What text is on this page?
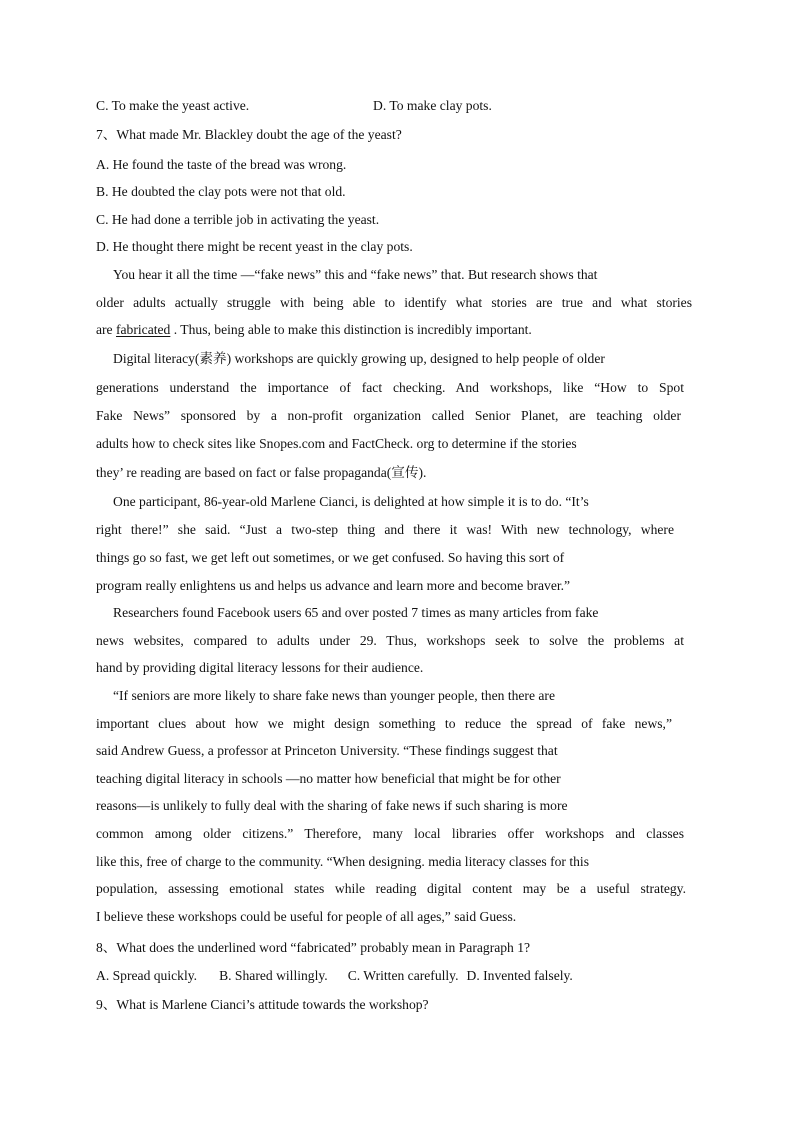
C. To make the yeast active.	D. To make clay pots.
7、What made Mr. Blackley doubt the age of the yeast?
A. He found the taste of the bread was wrong.
B. He doubted the clay pots were not that old.
C. He had done a terrible job in activating the yeast.
D. He thought there might be recent yeast in the clay pots.
You hear it all the time —“fake news” this and “fake news” that. But research shows that
older adults actually struggle with being able to identify what stories are true and what stories
are fabricated . Thus, being able to make this distinction is incredibly important.
Digital literacy(素养) workshops are quickly growing up, designed to help people of older
generations understand the importance of fact checking. And workshops, like “How to Spot
Fake News” sponsored by a non-profit organization called Senior Planet, are teaching older
adults how to check sites like Snopes.com and FactCheck. org to determine if the stories
they’ re reading are based on fact or false propaganda(宣传).
One participant, 86-year-old Marlene Cianci, is delighted at how simple it is to do. “It’s
right there!” she said. “Just a two-step thing and there it was! With new technology, where
things go so fast, we get left out sometimes, or we get confused. So having this sort of
program really enlightens us and helps us advance and learn more and become braver.”
Researchers found Facebook users 65 and over posted 7 times as many articles from fake
news websites, compared to adults under 29. Thus, workshops seek to solve the problems at
hand by providing digital literacy lessons for their audience.
“If seniors are more likely to share fake news than younger people, then there are
important clues about how we might design something to reduce the spread of fake news,”
said Andrew Guess, a professor at Princeton University. “These findings suggest that
teaching digital literacy in schools —no matter how beneficial that might be for other
reasons—is unlikely to fully deal with the sharing of fake news if such sharing is more
common among older citizens.” Therefore, many local libraries offer workshops and classes
like this, free of charge to the community. “When designing. media literacy classes for this
population, assessing emotional states while reading digital content may be a useful strategy.
I believe these workshops could be useful for people of all ages,” said Guess.
8、What does the underlined word “fabricated” probably mean in Paragraph 1?
A. Spread quickly. B. Shared willingly. C. Written carefully. D. Invented falsely.
9、What is Marlene Cianci’s attitude towards the workshop?
